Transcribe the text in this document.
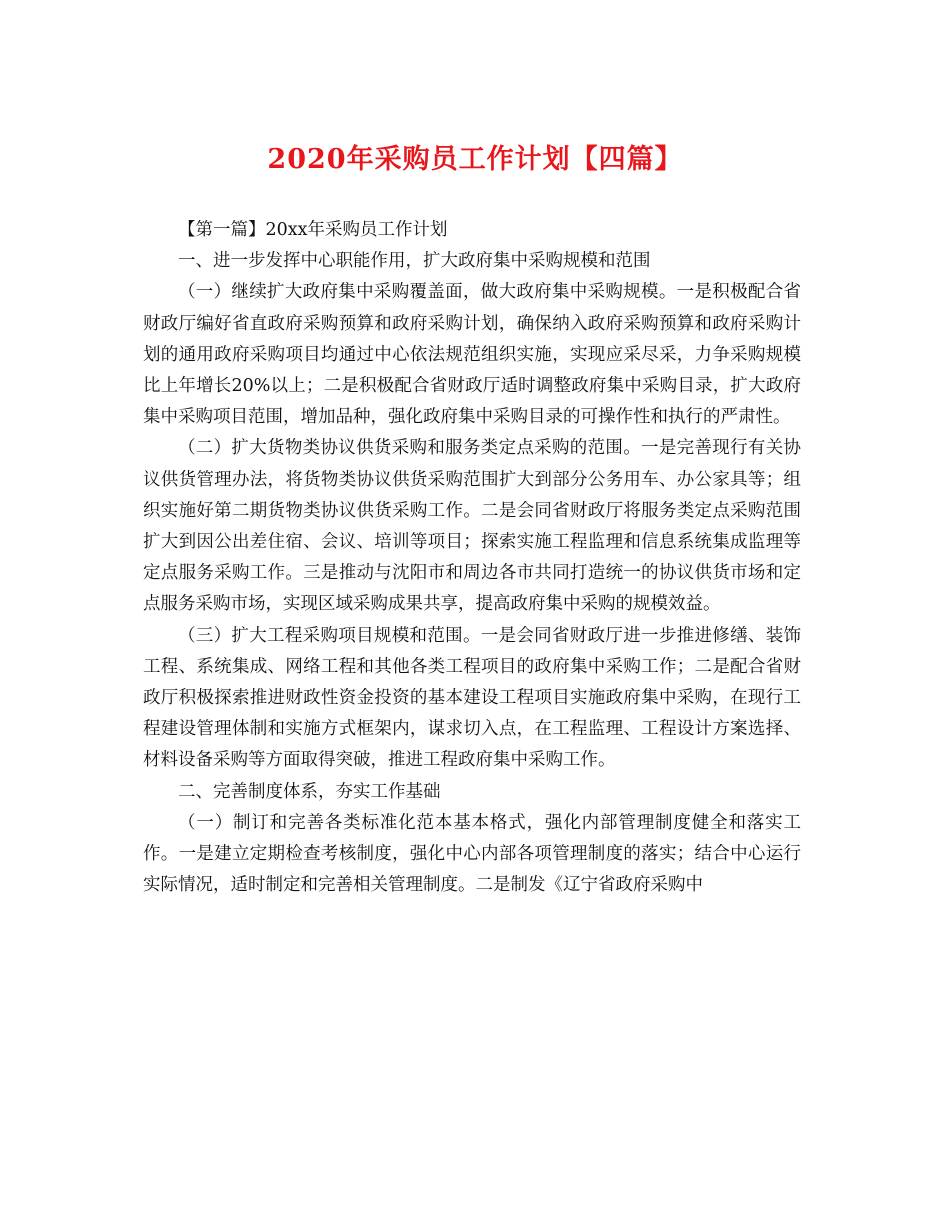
2020年采购员工作计划【四篇】

【第一篇】20xx年采购员工作计划

一、进一步发挥中心职能作用，扩大政府集中采购规模和范围

（一）继续扩大政府集中采购覆盖面，做大政府集中采购规模。一是积极配合省财政厅编好省直政府采购预算和政府采购计划，确保纳入政府采购预算和政府采购计划的通用政府采购项目均通过中心依法规范组织实施，实现应采尽采，力争采购规模比上年增长20%以上；二是积极配合省财政厅适时调整政府集中采购目录，扩大政府集中采购项目范围，增加品种，强化政府集中采购目录的可操作性和执行的严肃性。

（二）扩大货物类协议供货采购和服务类定点采购的范围。一是完善现行有关协议供货管理办法，将货物类协议供货采购范围扩大到部分公务用车、办公家具等；组织实施好第二期货物类协议供货采购工作。二是会同省财政厅将服务类定点采购范围扩大到因公出差住宿、会议、培训等项目；探索实施工程监理和信息系统集成监理等定点服务采购工作。三是推动与沈阳市和周边各市共同打造统一的协议供货市场和定点服务采购市场，实现区域采购成果共享，提高政府集中采购的规模效益。

（三）扩大工程采购项目规模和范围。一是会同省财政厅进一步推进修缮、装饰工程、系统集成、网络工程和其他各类工程项目的政府集中采购工作；二是配合省财政厅积极探索推进财政性资金投资的基本建设工程项目实施政府集中采购，在现行工程建设管理体制和实施方式框架内，谋求切入点，在工程监理、工程设计方案选择、材料设备采购等方面取得突破，推进工程政府集中采购工作。

二、完善制度体系，夯实工作基础

（一）制订和完善各类标准化范本基本格式，强化内部管理制度健全和落实工作。一是建立定期检查考核制度，强化中心内部各项管理制度的落实；结合中心运行实际情况，适时制定和完善相关管理制度。二是制发《辽宁省政府采购中
